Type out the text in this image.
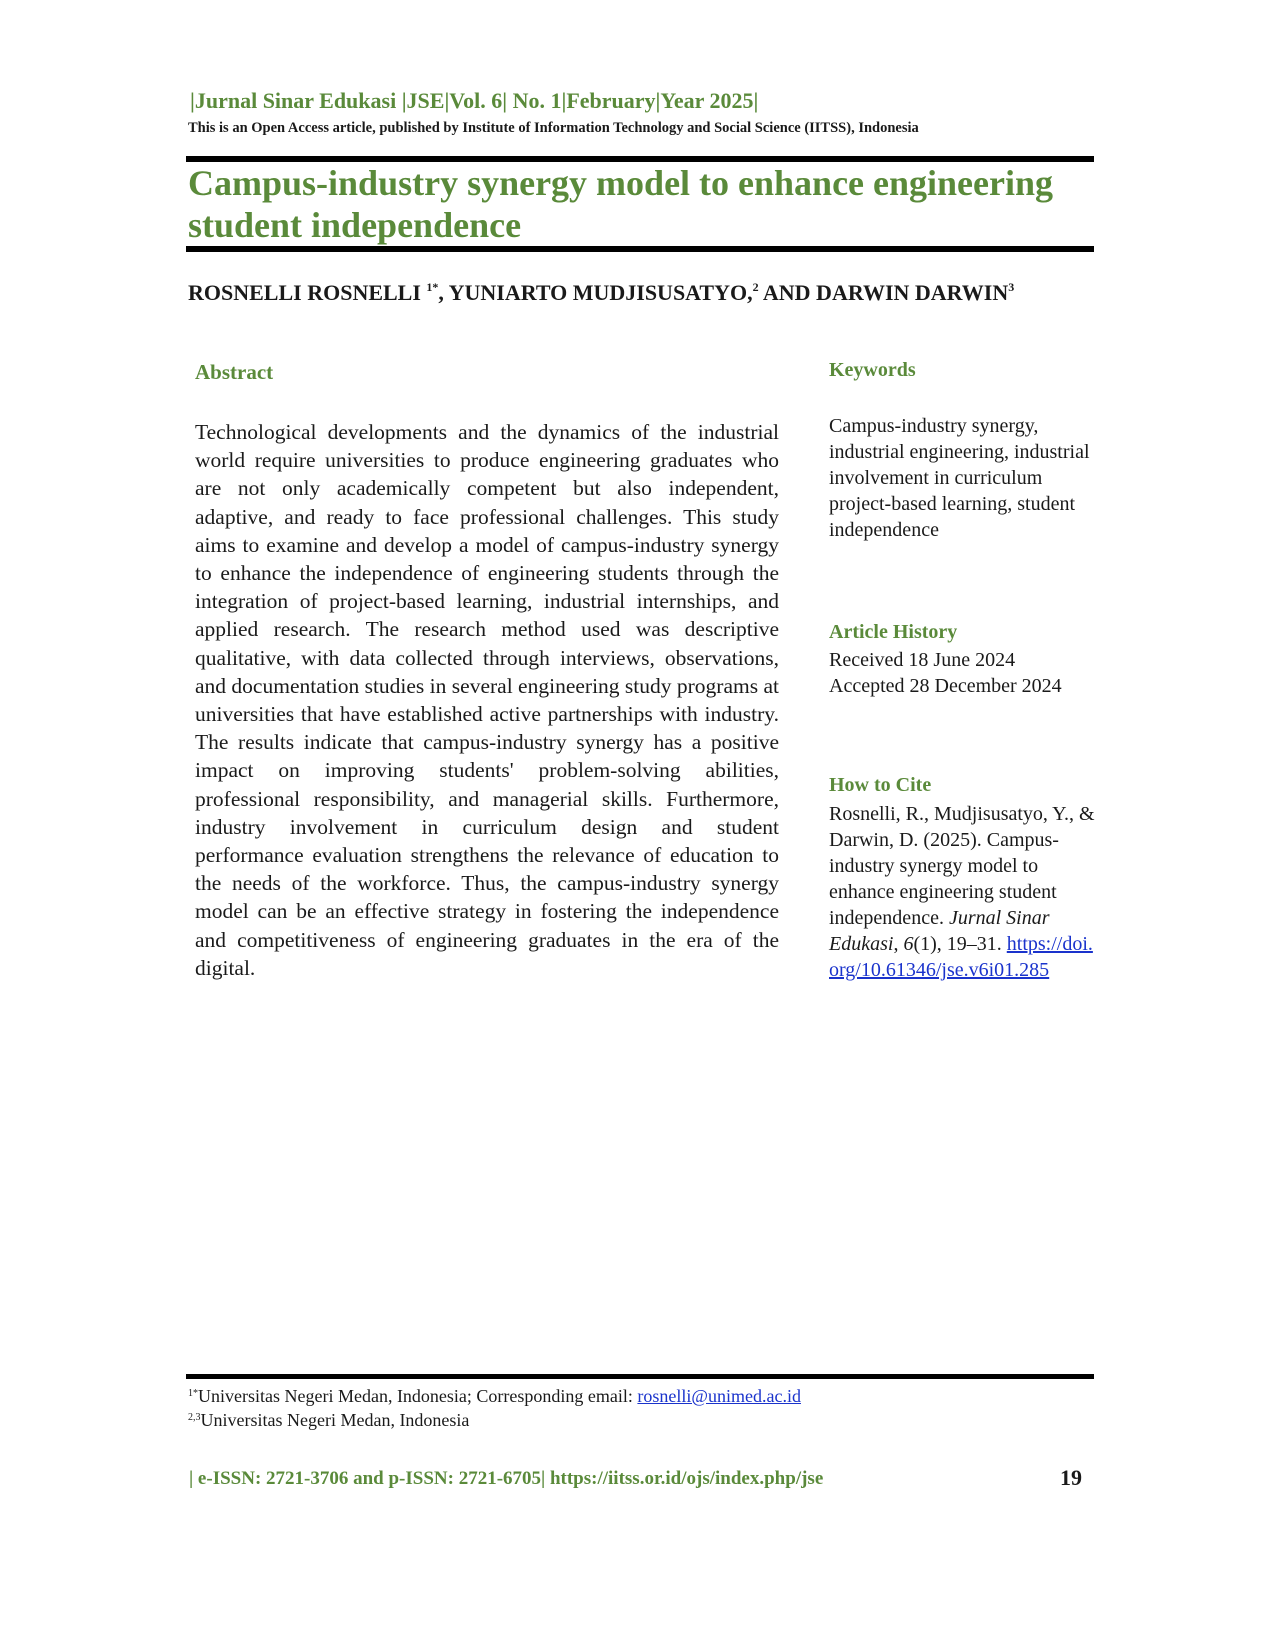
|Jurnal Sinar Edukasi |JSE|Vol. 6| No. 1|February|Year 2025|
This is an Open Access article, published by Institute of Information Technology and Social Science (IITSS), Indonesia
Campus-industry synergy model to enhance engineering student independence
ROSNELLI ROSNELLI $^{1*}$, YUNIARTO MUDJISUSATYO,$^2$ AND DARWIN DARWIN$^3$
Abstract
Technological developments and the dynamics of the industrial world require universities to produce engineering graduates who are not only academically competent but also independent, adaptive, and ready to face professional challenges. This study aims to examine and develop a model of campus-industry synergy to enhance the independence of engineering students through the integration of project-based learning, industrial internships, and applied research. The research method used was descriptive qualitative, with data collected through interviews, observations, and documentation studies in several engineering study programs at universities that have established active partnerships with industry. The results indicate that campus-industry synergy has a positive impact on improving students' problem-solving abilities, professional responsibility, and managerial skills. Furthermore, industry involvement in curriculum design and student performance evaluation strengthens the relevance of education to the needs of the workforce. Thus, the campus-industry synergy model can be an effective strategy in fostering the independence and competitiveness of engineering graduates in the era of the digital.
Keywords
Campus-industry synergy, industrial engineering, industrial involvement in curriculum project-based learning, student independence
Article History
Received 18 June 2024
Accepted 28 December 2024
How to Cite
Rosnelli, R., Mudjisusatyo, Y., & Darwin, D. (2025). Campus-industry synergy model to enhance engineering student independence. Jurnal Sinar Edukasi, 6(1), 19–31. https://doi.org/10.61346/jse.v6i01.285
$^{1*}$Universitas Negeri Medan, Indonesia; Corresponding email: rosnelli@unimed.ac.id
$^{2,3}$Universitas Negeri Medan, Indonesia
| e-ISSN: 2721-3706 and p-ISSN: 2721-6705| https://iitss.or.id/ojs/index.php/jse	19
